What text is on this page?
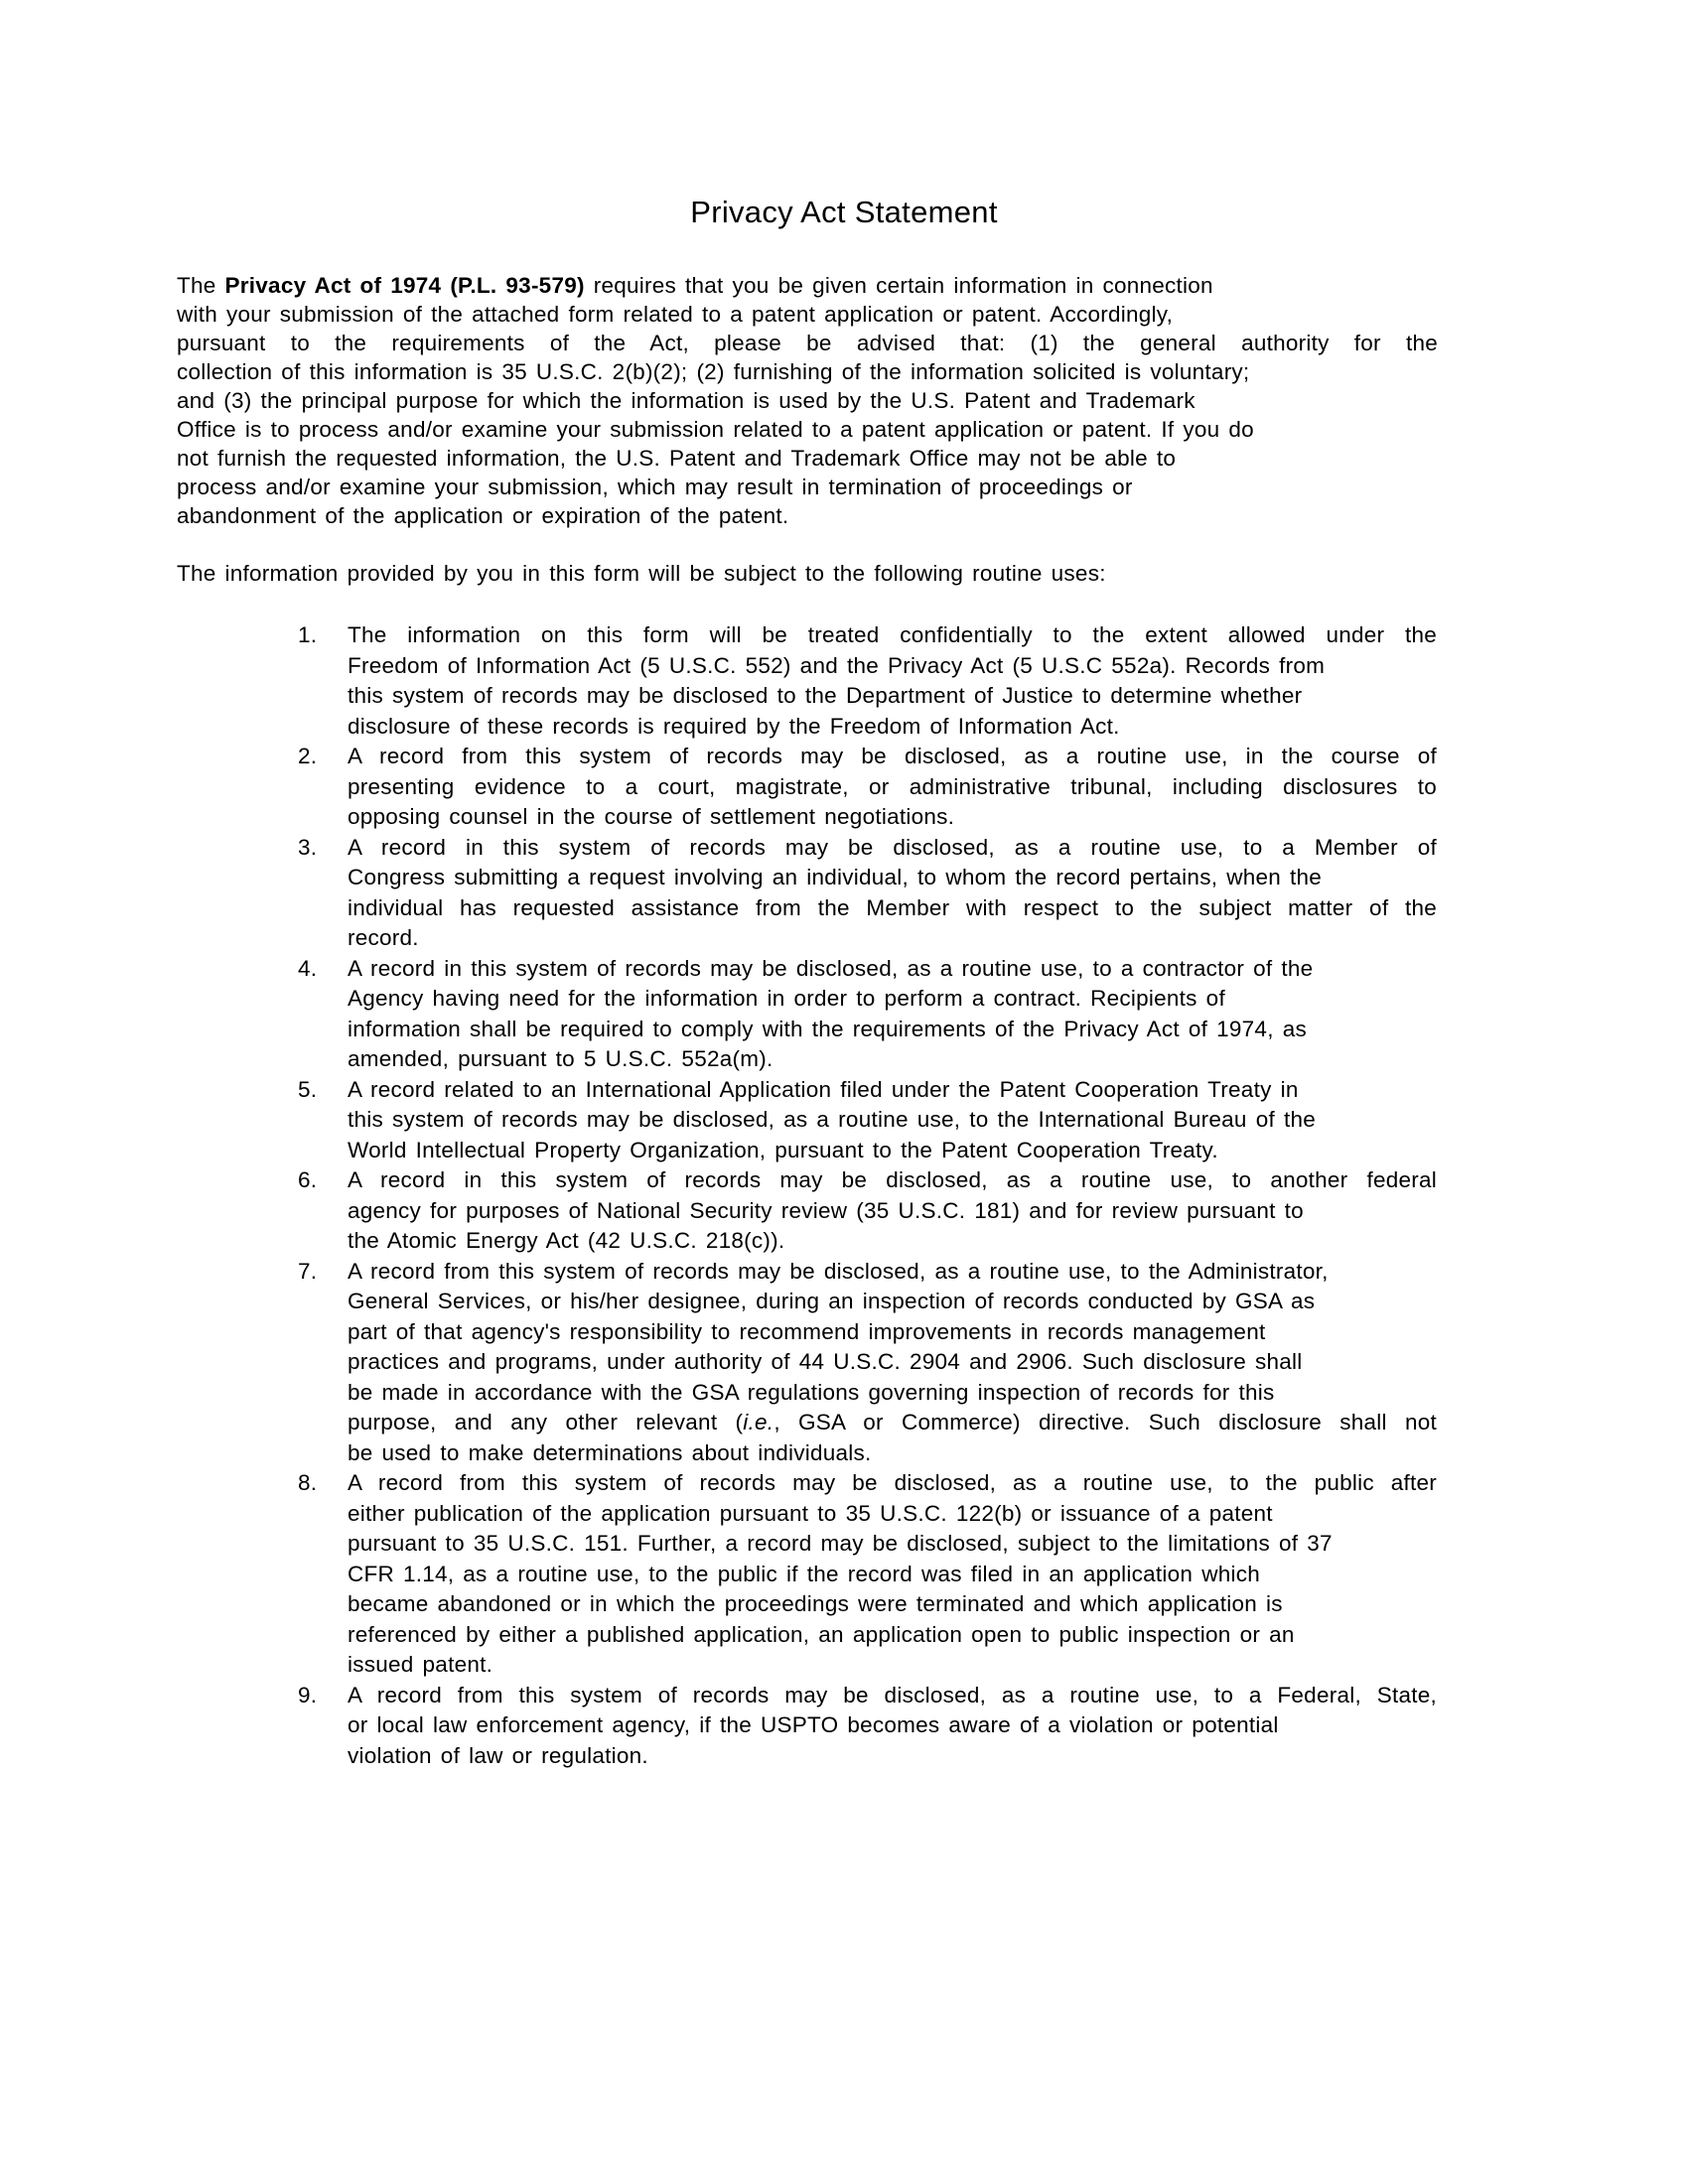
Privacy Act Statement
The Privacy Act of 1974 (P.L. 93-579) requires that you be given certain information in connection
with your submission of the attached form related to a patent application or patent. Accordingly,
pursuant to the requirements of the Act, please be advised that: (1) the general authority for the
collection of this information is 35 U.S.C. 2(b)(2); (2) furnishing of the information solicited is voluntary;
and (3) the principal purpose for which the information is used by the U.S. Patent and Trademark
Office is to process and/or examine your submission related to a patent application or patent. If you do
not furnish the requested information, the U.S. Patent and Trademark Office may not be able to
process and/or examine your submission, which may result in termination of proceedings or
abandonment of the application or expiration of the patent.
The information provided by you in this form will be subject to the following routine uses:
1. The information on this form will be treated confidentially to the extent allowed under the
Freedom of Information Act (5 U.S.C. 552) and the Privacy Act (5 U.S.C 552a). Records from
this system of records may be disclosed to the Department of Justice to determine whether
disclosure of these records is required by the Freedom of Information Act.
2. A record from this system of records may be disclosed, as a routine use, in the course of
presenting evidence to a court, magistrate, or administrative tribunal, including disclosures to
opposing counsel in the course of settlement negotiations.
3. A record in this system of records may be disclosed, as a routine use, to a Member of
Congress submitting a request involving an individual, to whom the record pertains, when the
individual has requested assistance from the Member with respect to the subject matter of the
record.
4. A record in this system of records may be disclosed, as a routine use, to a contractor of the
Agency having need for the information in order to perform a contract. Recipients of
information shall be required to comply with the requirements of the Privacy Act of 1974, as
amended, pursuant to 5 U.S.C. 552a(m).
5. A record related to an International Application filed under the Patent Cooperation Treaty in
this system of records may be disclosed, as a routine use, to the International Bureau of the
World Intellectual Property Organization, pursuant to the Patent Cooperation Treaty.
6. A record in this system of records may be disclosed, as a routine use, to another federal
agency for purposes of National Security review (35 U.S.C. 181) and for review pursuant to
the Atomic Energy Act (42 U.S.C. 218(c)).
7. A record from this system of records may be disclosed, as a routine use, to the Administrator,
General Services, or his/her designee, during an inspection of records conducted by GSA as
part of that agency's responsibility to recommend improvements in records management
practices and programs, under authority of 44 U.S.C. 2904 and 2906. Such disclosure shall
be made in accordance with the GSA regulations governing inspection of records for this
purpose, and any other relevant (i.e., GSA or Commerce) directive. Such disclosure shall not
be used to make determinations about individuals.
8. A record from this system of records may be disclosed, as a routine use, to the public after
either publication of the application pursuant to 35 U.S.C. 122(b) or issuance of a patent
pursuant to 35 U.S.C. 151. Further, a record may be disclosed, subject to the limitations of 37
CFR 1.14, as a routine use, to the public if the record was filed in an application which
became abandoned or in which the proceedings were terminated and which application is
referenced by either a published application, an application open to public inspection or an
issued patent.
9. A record from this system of records may be disclosed, as a routine use, to a Federal, State,
or local law enforcement agency, if the USPTO becomes aware of a violation or potential
violation of law or regulation.
